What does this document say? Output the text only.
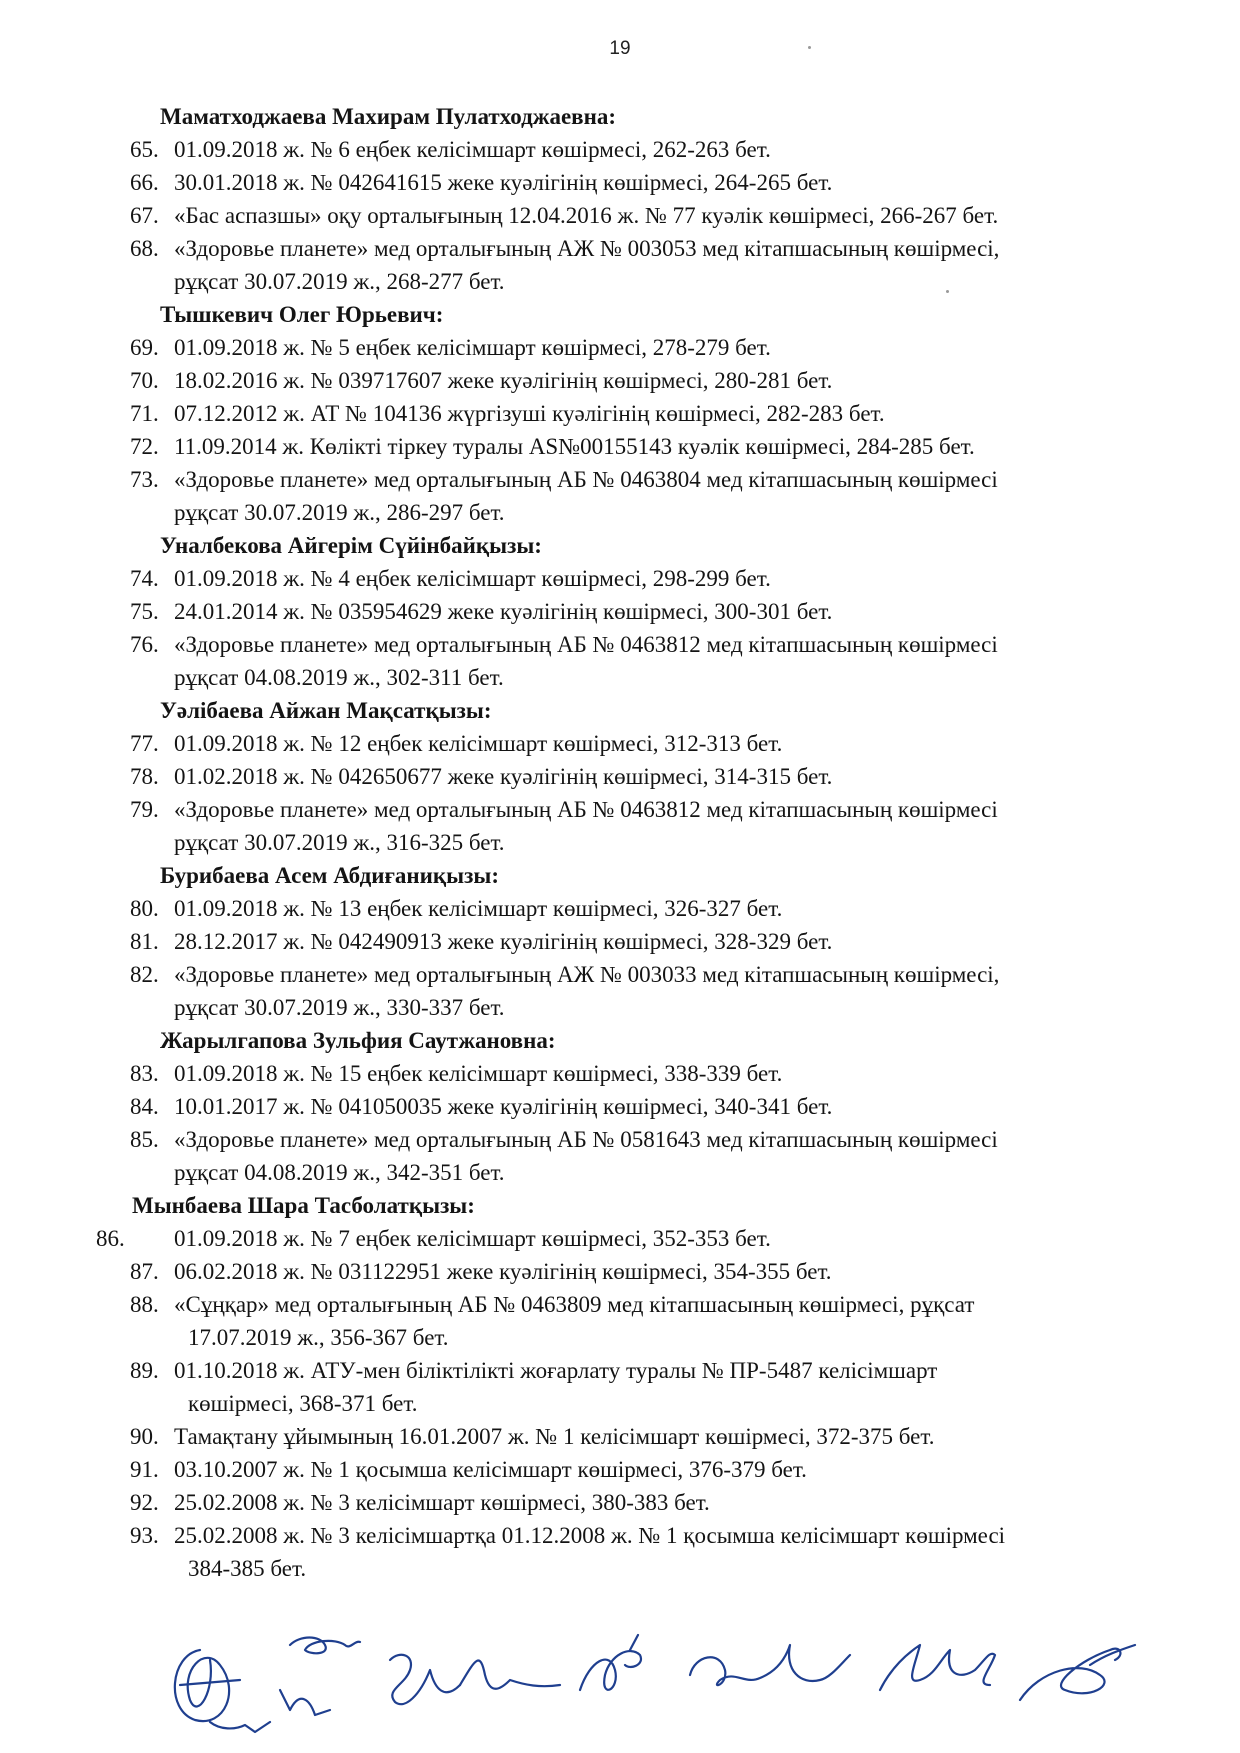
19
Маматходжаева Махирам Пулатходжаевна:
65. 01.09.2018 ж. № 6 еңбек келісімшарт көшірмесі, 262-263 бет.
66. 30.01.2018 ж. № 042641615 жеке куәлігінің көшірмесі, 264-265 бет.
67. «Бас аспазшы» оқу орталығының 12.04.2016 ж. № 77 куәлік көшірмесі, 266-267 бет.
68. «Здоровье планете» мед орталығының АЖ № 003053 мед кітапшасының көшірмесі,
рұқсат 30.07.2019 ж., 268-277 бет.
Тышкевич Олег Юрьевич:
69. 01.09.2018 ж. № 5 еңбек келісімшарт көшірмесі, 278-279 бет.
70. 18.02.2016 ж. № 039717607 жеке куәлігінің көшірмесі, 280-281 бет.
71. 07.12.2012 ж. АТ № 104136 жүргізуші куәлігінің көшірмесі, 282-283 бет.
72. 11.09.2014 ж. Көлікті тіркеу туралы AS№00155143 куәлік көшірмесі, 284-285 бет.
73. «Здоровье планете» мед орталығының АБ № 0463804 мед кітапшасының көшірмесі
рұқсат 30.07.2019 ж., 286-297 бет.
Уналбекова Айгерім Сүйінбайқызы:
74. 01.09.2018 ж. № 4 еңбек келісімшарт көшірмесі, 298-299 бет.
75. 24.01.2014 ж. № 035954629 жеке куәлігінің көшірмесі, 300-301 бет.
76. «Здоровье планете» мед орталығының АБ № 0463812 мед кітапшасының көшірмесі
рұқсат 04.08.2019 ж., 302-311 бет.
Уәлібаева Айжан Мақсатқызы:
77. 01.09.2018 ж. № 12 еңбек келісімшарт көшірмесі, 312-313 бет.
78. 01.02.2018 ж. № 042650677 жеке куәлігінің көшірмесі, 314-315 бет.
79. «Здоровье планете» мед орталығының АБ № 0463812 мед кітапшасының көшірмесі
рұқсат 30.07.2019 ж., 316-325 бет.
Бурибаева Асем Абдиғаниқызы:
80. 01.09.2018 ж. № 13 еңбек келісімшарт көшірмесі, 326-327 бет.
81. 28.12.2017 ж. № 042490913 жеке куәлігінің көшірмесі, 328-329 бет.
82. «Здоровье планете» мед орталығының АЖ № 003033 мед кітапшасының көшірмесі,
рұқсат 30.07.2019 ж., 330-337 бет.
Жарылгапова Зульфия Саутжановна:
83. 01.09.2018 ж. № 15 еңбек келісімшарт көшірмесі, 338-339 бет.
84. 10.01.2017 ж. № 041050035 жеке куәлігінің көшірмесі, 340-341 бет.
85. «Здоровье планете» мед орталығының АБ № 0581643 мед кітапшасының көшірмесі
рұқсат 04.08.2019 ж., 342-351 бет.
Мынбаева Шара Тасболатқызы:
86. 01.09.2018 ж. № 7 еңбек келісімшарт көшірмесі, 352-353 бет.
87. 06.02.2018 ж. № 031122951 жеке куәлігінің көшірмесі, 354-355 бет.
88. «Сұңқар» мед орталығының АБ № 0463809 мед кітапшасының көшірмесі, рұқсат
17.07.2019 ж., 356-367 бет.
89. 01.10.2018 ж. АТУ-мен біліктілікті жоғарлату туралы № ПР-5487 келісімшарт
көшірмесі, 368-371 бет.
90. Тамақтану ұйымының 16.01.2007 ж. № 1 келісімшарт көшірмесі, 372-375 бет.
91. 03.10.2007 ж. № 1 қосымша келісімшарт көшірмесі, 376-379 бет.
92. 25.02.2008 ж. № 3 келісімшарт көшірмесі, 380-383 бет.
93. 25.02.2008 ж. № 3 келісімшартқа 01.12.2008 ж. № 1 қосымша келісімшарт көшірмесі
384-385 бет.
